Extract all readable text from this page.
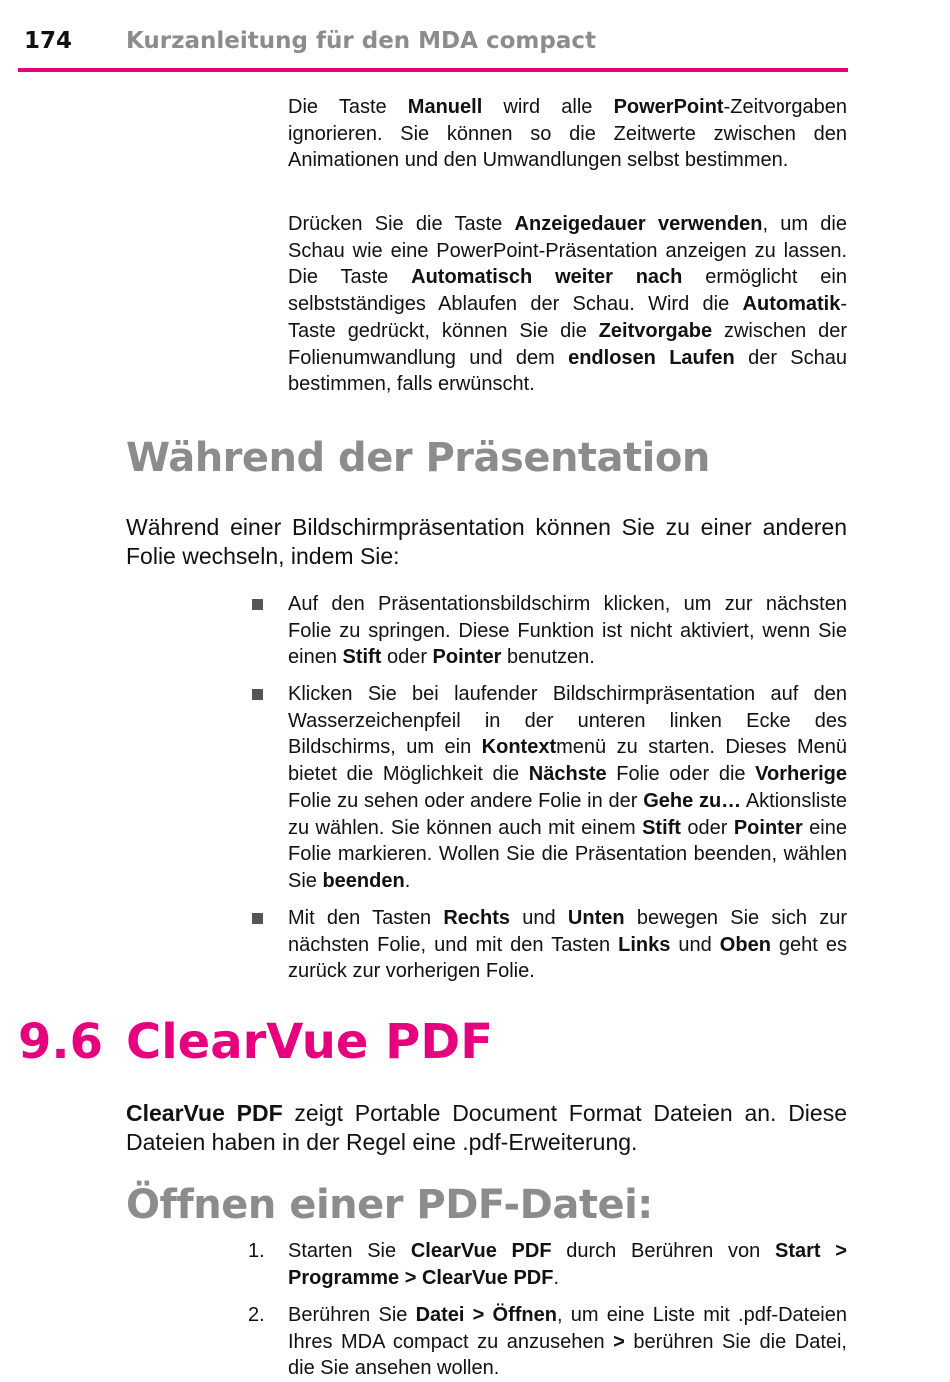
174 Kurzanleitung für den MDA compact

Die Taste Manuell wird alle PowerPoint-Zeitvorgaben ignorieren. Sie können so die Zeitwerte zwischen den Animationen und den Umwandlungen selbst bestimmen.

Drücken Sie die Taste Anzeigedauer verwenden, um die Schau wie eine PowerPoint-Präsentation anzeigen zu lassen. Die Taste Automatisch weiter nach ermöglicht ein selbstständiges Ablaufen der Schau. Wird die Automatik-Taste gedrückt, können Sie die Zeitvorgabe zwischen der Folienumwandlung und dem endlosen Laufen der Schau bestimmen, falls erwünscht.

Während der Präsentation

Während einer Bildschirmpräsentation können Sie zu einer anderen Folie wechseln, indem Sie:

Auf den Präsentationsbildschirm klicken, um zur nächsten Folie zu springen. Diese Funktion ist nicht aktiviert, wenn Sie einen Stift oder Pointer benutzen.

Klicken Sie bei laufender Bildschirmpräsentation auf den Wasserzeichenpfeil in der unteren linken Ecke des Bildschirms, um ein Kontextmenü zu starten. Dieses Menü bietet die Möglichkeit die Nächste Folie oder die Vorherige Folie zu sehen oder andere Folie in der Gehe zu… Aktionsliste zu wählen. Sie können auch mit einem Stift oder Pointer eine Folie markieren. Wollen Sie die Präsentation beenden, wählen Sie beenden.

Mit den Tasten Rechts und Unten bewegen Sie sich zur nächsten Folie, und mit den Tasten Links und Oben geht es zurück zur vorherigen Folie.

9.6 ClearVue PDF

ClearVue PDF zeigt Portable Document Format Dateien an. Diese Dateien haben in der Regel eine .pdf-Erweiterung.

Öffnen einer PDF-Datei:
1. Starten Sie ClearVue PDF durch Berühren von Start > Programme > ClearVue PDF.

2. Berühren Sie Datei > Öffnen, um eine Liste mit .pdf-Dateien Ihres MDA compact zu anzusehen > berühren Sie die Datei, die Sie ansehen wollen.
